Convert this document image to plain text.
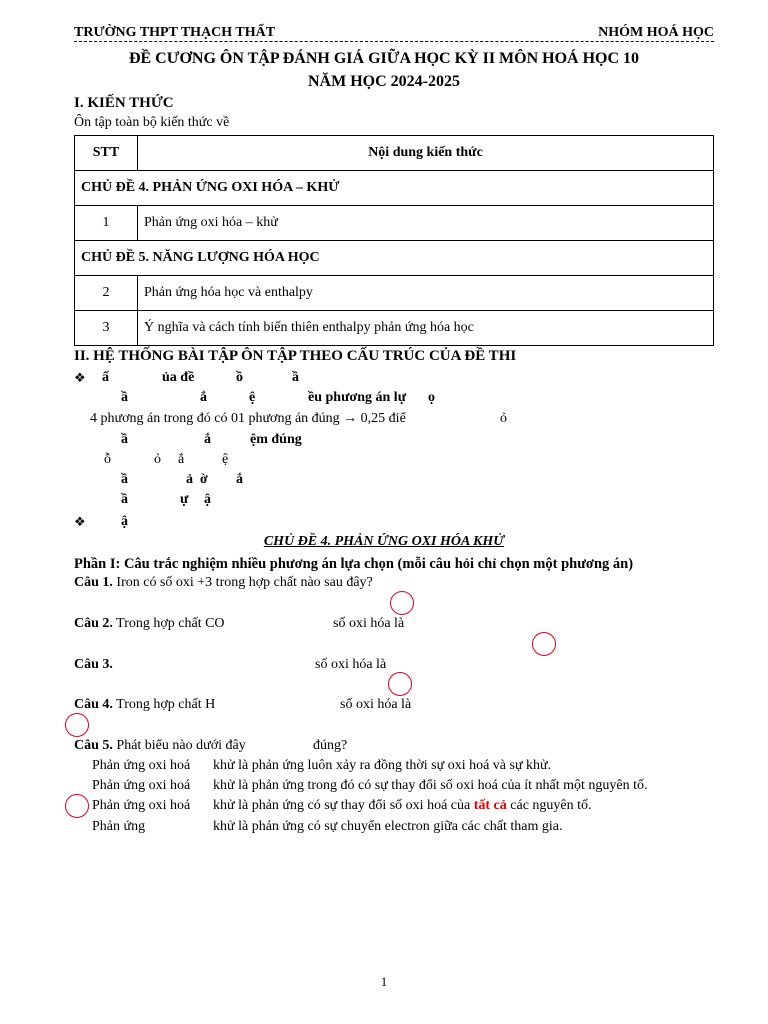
TRƯỜNG THPT THẠCH THẤT	NHÓM HOÁ HỌC
ĐỀ CƯƠNG ÔN TẬP ĐÁNH GIÁ GIỮA HỌC KỲ II MÔN HOÁ HỌC 10
NĂM HỌC 2024-2025
I. KIẾN THỨC
Ôn tập toàn bộ kiến thức về
STT	Nội dung kiến thức
CHỦ ĐỀ 4. PHẢN ỨNG OXI HÓA – KHỬ	
1	Phản ứng oxi hóa – khử
CHỦ ĐỀ 5. NĂNG LƯỢNG HÓA HỌC	
2	Phản ứng hóa học và enthalpy
3	Ý nghĩa và cách tính biến thiên enthalpy phản ứng hóa học
II. HỆ THỐNG BÀI TẬP ÔN TẬP THEO CẤU TRÚC CỦA ĐỀ THI
❖ ấ	ủa đề	ồ	ầ
ầ	ắ	ệ	ều phương án lự ọ
4 phương án trong đó có 01 phương án đúng → 0,25 điể	ỏ
ầ	ắ	ệm đúng
ỗ	ỏ ắ	ệ
ầ	ả ờ ắ
ầ	ự ậ
❖	ậ
CHỦ ĐỀ 4. PHẢN ỨNG OXI HÓA KHỬ
Phần I: Câu trắc nghiệm nhiều phương án lựa chọn (mỗi câu hỏi chỉ chọn một phương án)
Câu 1. Iron có số oxi +3 trong hợp chất nào sau đây?
Câu 2. Trong hợp chất CO	số oxi hóa là
Câu 3.	số oxi hóa là
Câu 4. Trong hợp chất H	số oxi hóa là
Câu 5. Phát biểu nào dưới đây	đúng?
Phản ứng oxi hoá khử là phản ứng luôn xảy ra đồng thời sự oxi hoá và sự khử.
Phản ứng oxi hoá khử là phản ứng trong đó có sự thay đổi số oxi hoá của ít nhất một nguyên tố.
Phản ứng oxi hoá khử là phản ứng có sự thay đổi số oxi hoá của tất cả các nguyên tố.
Phản ứng	khử là phản ứng có sự chuyển electron giữa các chất tham gia.
1
